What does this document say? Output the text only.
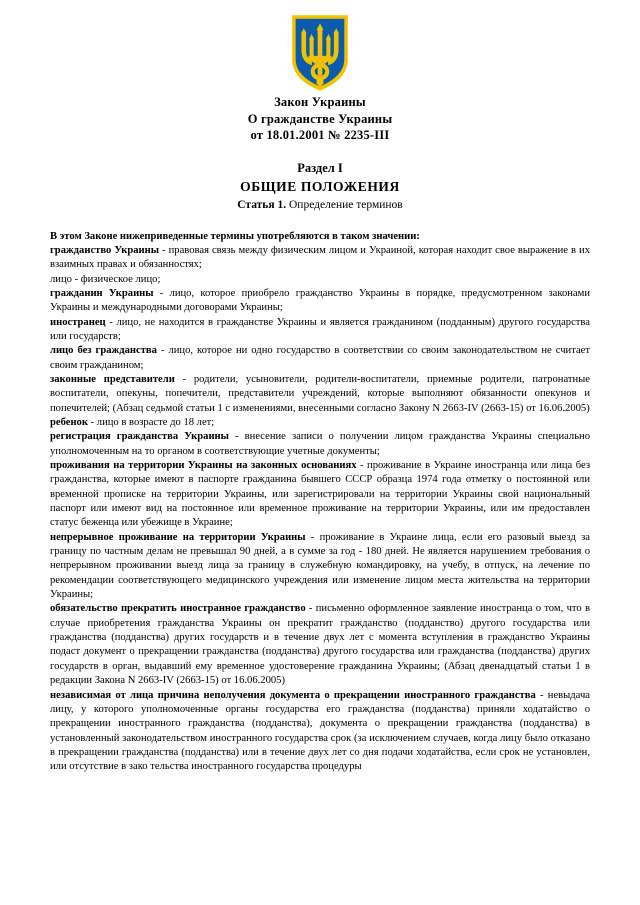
Закон Украины
О гражданстве Украины
от 18.01.2001 № 2235-III
Раздел I
ОБЩИЕ ПОЛОЖЕНИЯ
Статья 1. Определение терминов

В этом Законе нижеприведенные термины употребляются в таком значении:

гражданство Украины - правовая связь между физическим лицом и Украиной, которая находит свое выражение в их взаимных правах и обязанностях;

лицо - физическое лицо;

гражданин Украины - лицо, которое приобрело гражданство Украины в порядке, предусмотренном законами Украины и международными договорами Украины;

иностранец - лицо, не находится в гражданстве Украины и является гражданином (подданным) другого государства или государств;

лицо без гражданства - лицо, которое ни одно государство в соответствии со своим законодательством не считает своим гражданином;

законные представители - родители, усыновители, родители-воспитатели, приемные родители, патронатные воспитатели, опекуны, попечители, представители учреждений, которые выполняют обязанности опекунов и попечителей; (Абзац седьмой статьи 1 с изменениями, внесенными согласно Закону N 2663-IV (2663-15) от 16.06.2005)

ребенок - лицо в возрасте до 18 лет;

регистрация гражданства Украины - внесение записи о получении лицом гражданства Украины специально уполномоченным на то органом в соответствующие учетные документы;

проживания на территории Украины на законных основаниях - проживание в Украине иностранца или лица без гражданства, которые имеют в паспорте гражданина бывшего СССР образца 1974 года отметку о постоянной или временной прописке на территории Украины, или зарегистрировали на территории Украины свой национальный паспорт или имеют вид на постоянное или временное проживание на территории Украины, или им предоставлен статус беженца или убежище в Украине;

непрерывное проживание на территории Украины - проживание в Украине лица, если его разовый выезд за границу по частным делам не превышал 90 дней, а в сумме за год - 180 дней. Не является нарушением требования о непрерывном проживании выезд лица за границу в служебную командировку, на учебу, в отпуск, на лечение по рекомендации соответствующего медицинского учреждения или изменение лицом места жительства на территории Украины;

обязательство прекратить иностранное гражданство - письменно оформленное заявление иностранца о том, что в случае приобретения гражданства Украины он прекратит гражданство (подданство) другого государства или гражданства (подданства) других государств и в течение двух лет с момента вступления в гражданство Украины подаст документ о прекращении гражданства (подданства) другого государства или гражданства (подданства) других государств в орган, выдавший ему временное удостоверение гражданина Украины; (Абзац двенадцатый статьи 1 в редакции Закона N 2663-IV (2663-15) от 16.06.2005)

независимая от лица причина неполучения документа о прекращении иностранного гражданства - невыдача лицу, у которого уполномоченные органы государства его гражданства (подданства) приняли ходатайство о прекращении иностранного гражданства (подданства), документа о прекращении гражданства (подданства) в установленный законодательством иностранного государства срок (за исключением случаев, когда лицу было отказано в прекращении гражданства (подданства) или в течение двух лет со дня подачи ходатайства, если срок не установлен, или отсутствие в зако тельства иностранного государства процедуры
